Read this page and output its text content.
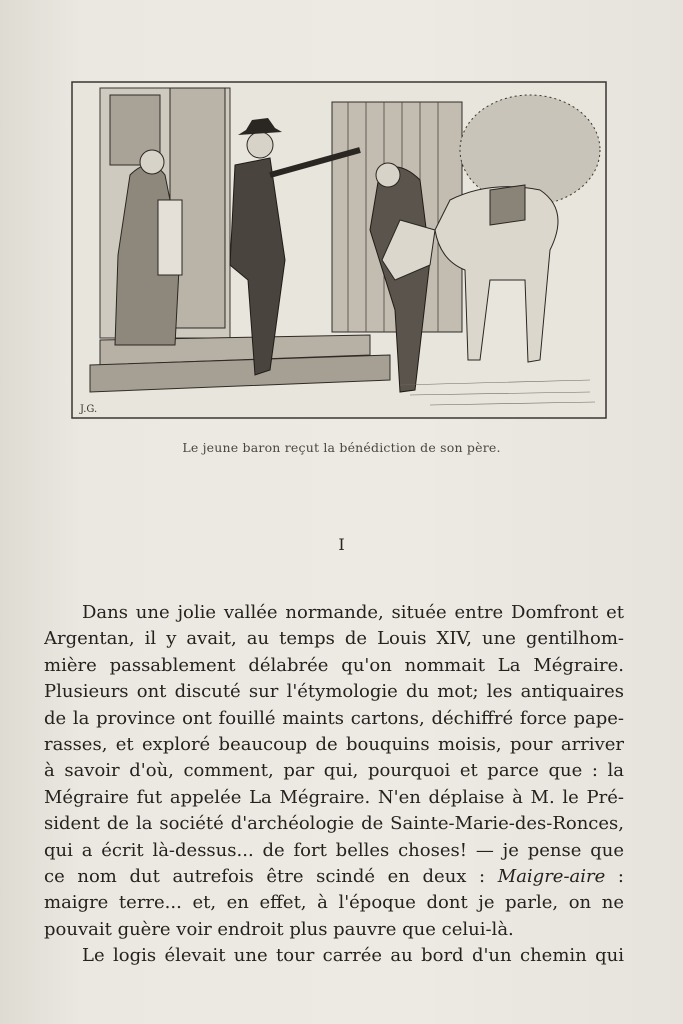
J.G.
Le jeune baron reçut la bénédiction de son père.
I
Dans une jolie vallée normande, située entre Domfront et
Argentan, il y avait, au temps de Louis XIV, une gentilhom-
mière passablement délabrée qu'on nommait La Mégraire.
Plusieurs ont discuté sur l'étymologie du mot; les antiquaires
de la province ont fouillé maints cartons, déchiffré force pape-
rasses, et exploré beaucoup de bouquins moisis, pour arriver
à savoir d'où, comment, par qui, pourquoi et parce que : la
Mégraire fut appelée La Mégraire. N'en déplaise à M. le Pré-
sident de la société d'archéologie de Sainte-Marie-des-Ronces,
qui a écrit là-dessus... de fort belles choses! — je pense que
ce nom dut autrefois être scindé en deux : Maigre-aire :
maigre terre... et, en effet, à l'époque dont je parle, on ne
pouvait guère voir endroit plus pauvre que celui-là.
Le logis élevait une tour carrée au bord d'un chemin qui
